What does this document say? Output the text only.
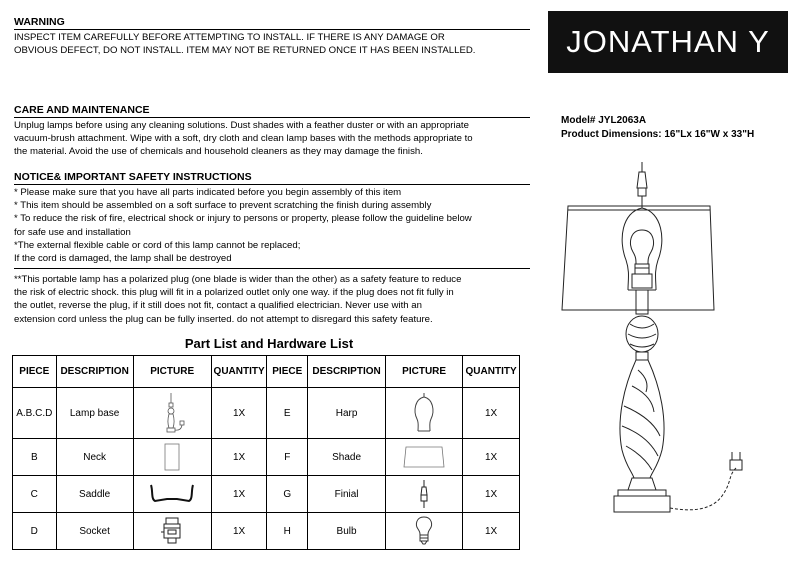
WARNING

INSPECT ITEM CAREFULLY BEFORE ATTEMPTING TO INSTALL. IF THERE IS ANY DAMAGE OR

OBVIOUS DEFECT, DO NOT INSTALL. ITEM MAY NOT BE RETURNED ONCE IT HAS BEEN INSTALLED.	JONATHAN Y
Model# JYL2063A
Product Dimensions: 16"Lx 16"W x 33"H
CARE AND MAINTENANCE

Unplug lamps before using any cleaning solutions. Dust shades with a feather duster or with an appropriate

vacuum-brush attachment. Wipe with a soft, dry cloth and clean lamp bases with the methods appropriate to

the material. Avoid the use of chemicals and household cleaners as they may damage the finish.

NOTICE& IMPORTANT SAFETY INSTRUCTIONS

* Please make sure that you have all parts indicated before you begin assembly of this item

* This item should be assembled on a soft surface to prevent scratching the finish during assembly

* To reduce the risk of fire, electrical shock or injury to persons or property, please follow the guideline below

for safe use and installation

*The external flexible cable or cord of this lamp cannot be replaced;

If the cord is damaged, the lamp shall be destroyed

**This portable lamp has a polarized plug (one blade is wider than the other) as a safety feature to reduce

the risk of electric shock. this plug will fit in a polarized outlet only one way. if the plug does not fit fully in

the outlet, reverse the plug, if it still does not fit, contact a qualified electrician. Never use with an

extension cord unless the plug can be fully inserted. do not attempt to disregard this safety feature.

Part List and Hardware List
PIECE	DESCRIPTION	PICTURE	QUANTITY	PIECE	DESCRIPTION	PICTURE	QUANTITY
A.B.C.D	Lamp base		1X	E	Harp		1X
B	Neck		1X	F	Shade		1X
C	Saddle		1X	G	Finial		1X
D	Socket		1X	H	Bulb		1X
